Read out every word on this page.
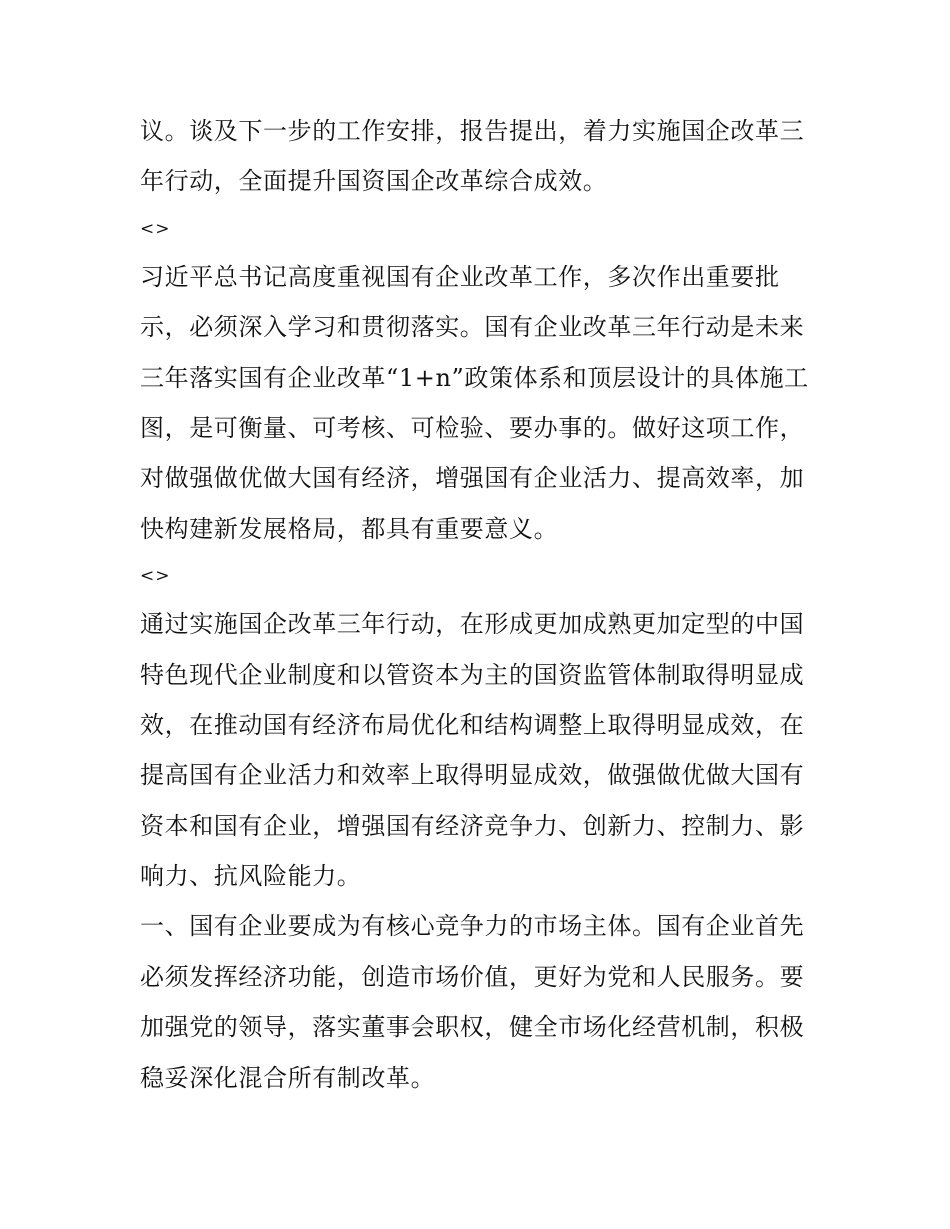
议。谈及下一步的工作安排，报告提出，着力实施国企改革三
年行动，全面提升国资国企改革综合成效。
<>
习近平总书记高度重视国有企业改革工作，多次作出重要批
示，必须深入学习和贯彻落实。国有企业改革三年行动是未来
三年落实国有企业改革“1+n”政策体系和顶层设计的具体施工
图，是可衡量、可考核、可检验、要办事的。做好这项工作，
对做强做优做大国有经济，增强国有企业活力、提高效率，加
快构建新发展格局，都具有重要意义。
<>
通过实施国企改革三年行动，在形成更加成熟更加定型的中国
特色现代企业制度和以管资本为主的国资监管体制取得明显成
效，在推动国有经济布局优化和结构调整上取得明显成效，在
提高国有企业活力和效率上取得明显成效，做强做优做大国有
资本和国有企业，增强国有经济竞争力、创新力、控制力、影
响力、抗风险能力。
一、国有企业要成为有核心竞争力的市场主体。国有企业首先
必须发挥经济功能，创造市场价值，更好为党和人民服务。要
加强党的领导，落实董事会职权，健全市场化经营机制，积极
稳妥深化混合所有制改革。
